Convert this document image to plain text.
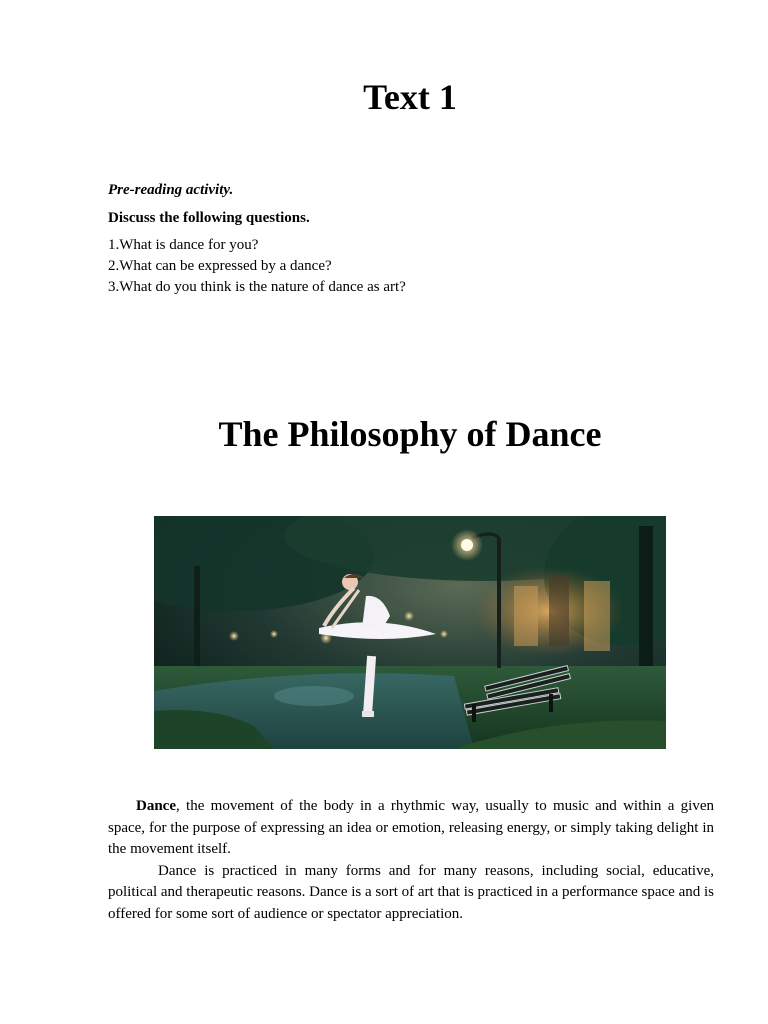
Text 1
Pre-reading activity.
Discuss the following questions.
1.What is dance for you?
2.What can be expressed by a dance?
3.What do you think is the nature of dance as art?
The Philosophy of Dance

Dance, the movement of the body in a rhythmic way, usually to music and within a given space, for the purpose of expressing an idea or emotion, releasing energy, or simply taking delight in the movement itself.

Dance is practiced in many forms and for many reasons, including social, educative, political and therapeutic reasons. Dance is a sort of art that is practiced in a performance space and is offered for some sort of audience or spectator appreciation.
